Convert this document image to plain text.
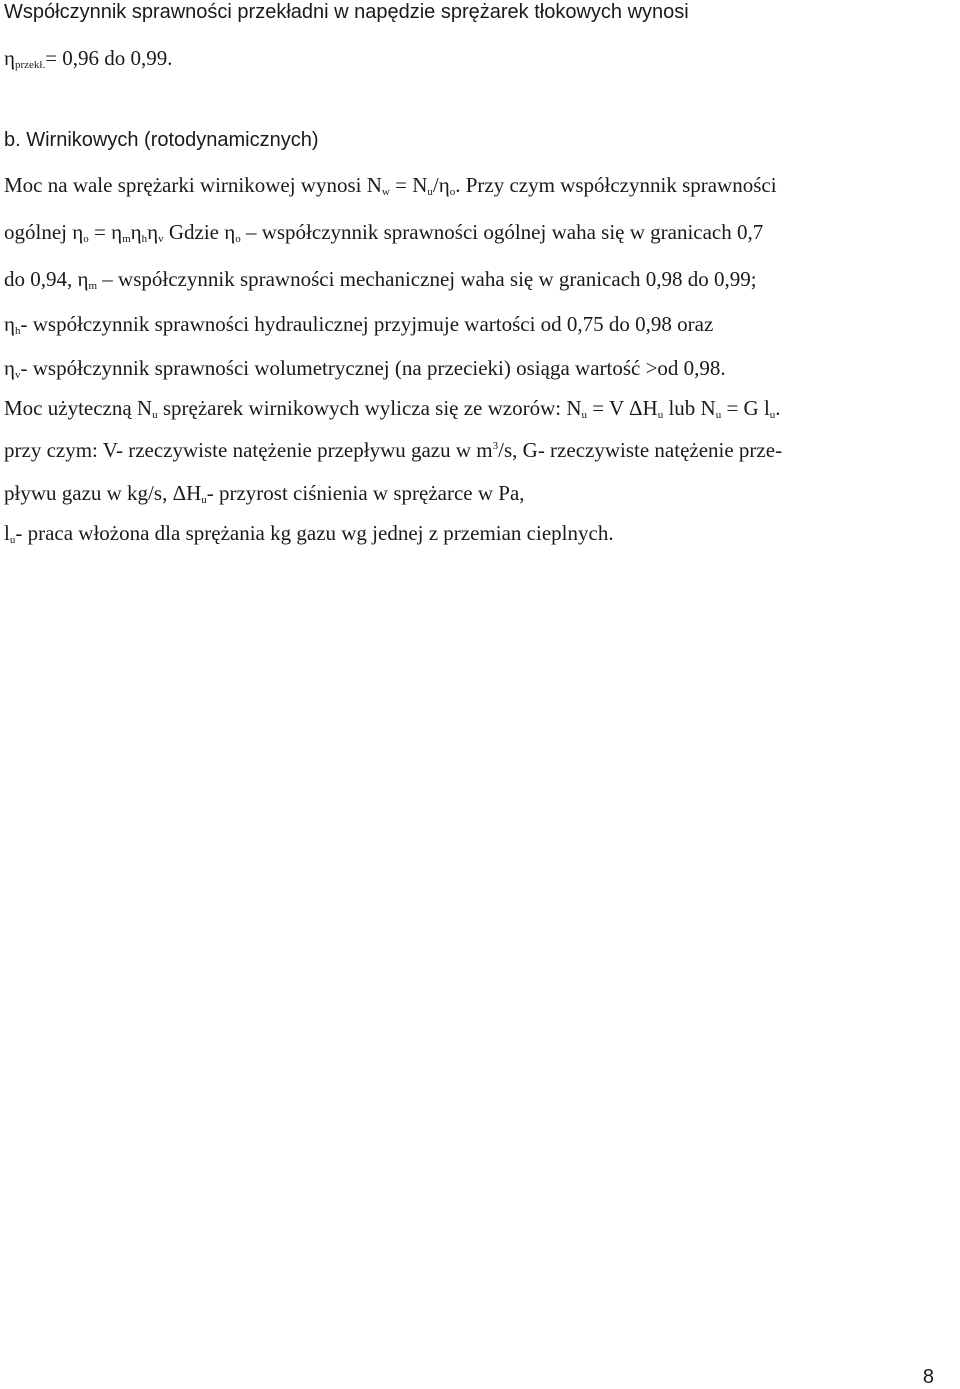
Współczynnik sprawności przekładni w napędzie sprężarek tłokowych wynosi
$\eta_{przekł.}= 0,96$ do 0,99.
b. Wirnikowych (rotodynamicznych)
Moc na wale sprężarki wirnikowej wynosi $N_w = N_u/\eta_o$. Przy czym współczynnik sprawności
ogólnej $\eta_o = \eta_m\eta_h\eta_v$ Gdzie $\eta_o$ – współczynnik sprawności ogólnej waha się w granicach 0,7
do 0,94, $\eta_m$ – współczynnik sprawności mechanicznej waha się w granicach 0,98 do 0,99;
$\eta_h-$ współczynnik sprawności hydraulicznej przyjmuje wartości od 0,75 do 0,98 oraz
$\eta_v-$ współczynnik sprawności wolumetrycznej (na przecieki) osiąga wartość >od 0,98.
Moc użyteczną $N_u$ sprężarek wirnikowych wylicza się ze wzorów: $N_u = V$ $\Delta H_u$ lub $N_u = G$ $l_u$.
przy czym: V- rzeczywiste natężenie przepływu gazu w $m^3/s$, G- rzeczywiste natężenie prze-
pływu gazu w kg/s, $\Delta H_u-$ przyrost ciśnienia w sprężarce w Pa,
$l_u-$ praca włożona dla sprężania kg gazu wg jednej z przemian cieplnych.
8
